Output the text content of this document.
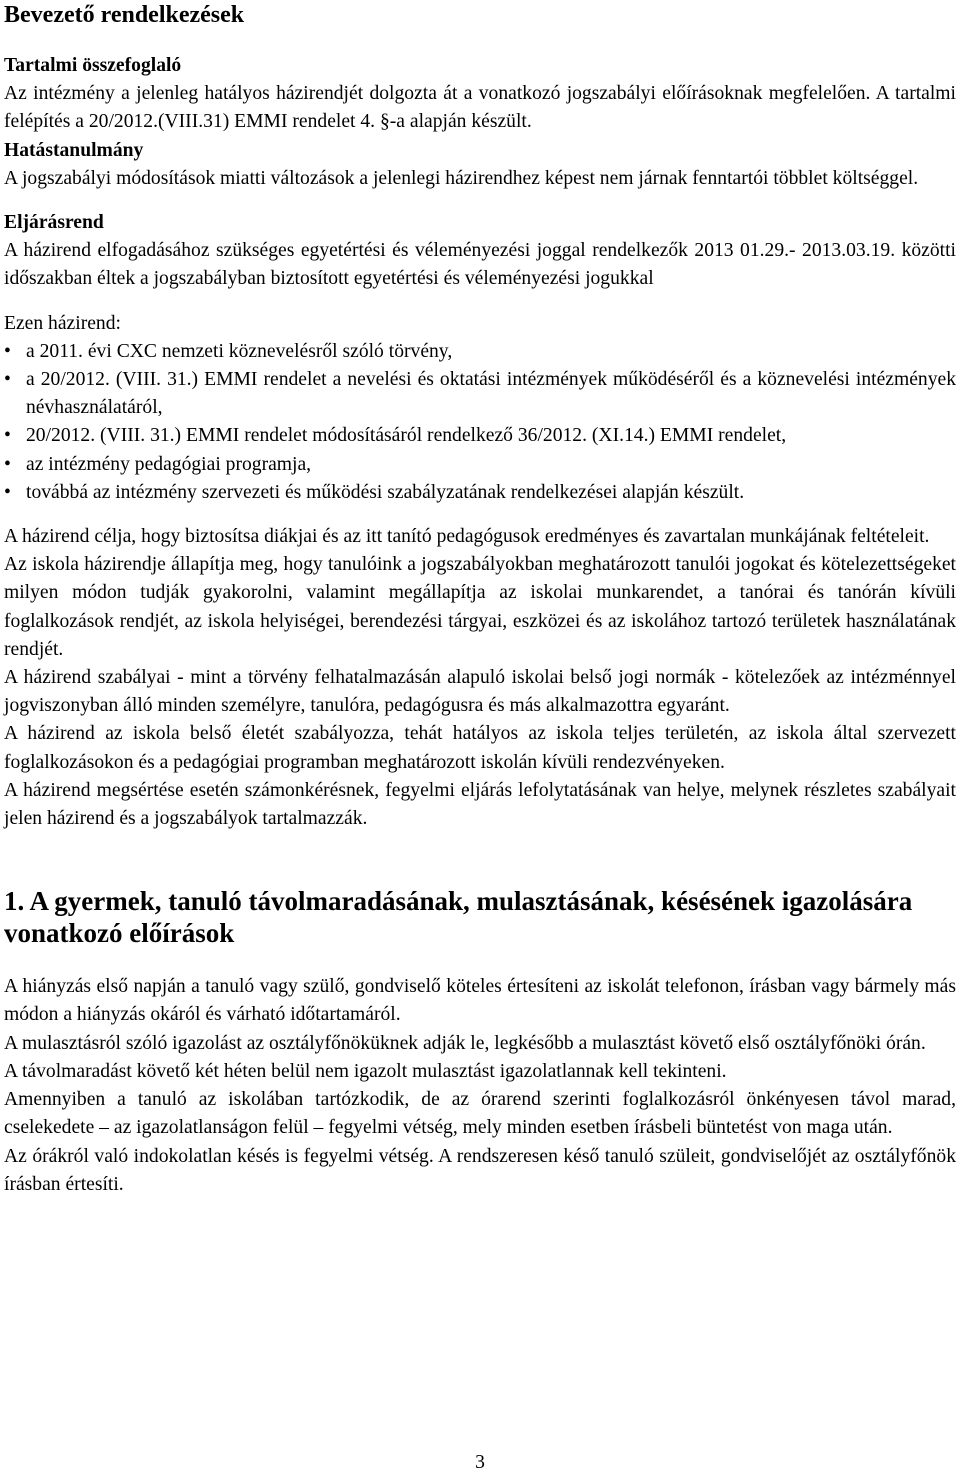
Bevezető rendelkezések

Tartalmi összefoglaló

Az intézmény a jelenleg hatályos házirendjét dolgozta át a vonatkozó jogszabályi előírásoknak megfelelően. A tartalmi felépítés a 20/2012.(VIII.31) EMMI rendelet 4. §-a alapján készült.

Hatástanulmány

A jogszabályi módosítások miatti változások a jelenlegi házirendhez képest nem járnak fenntartói többlet költséggel.

Eljárásrend

A házirend elfogadásához szükséges egyetértési és véleményezési joggal rendelkezők 2013 01.29.- 2013.03.19. közötti időszakban éltek a jogszabályban biztosított egyetértési és véleményezési jogukkal

Ezen házirend:

• a 2011. évi CXC nemzeti köznevelésről szóló törvény,
• a 20/2012. (VIII. 31.) EMMI rendelet a nevelési és oktatási intézmények működéséről és a köznevelési intézmények névhasználatáról,
• 20/2012. (VIII. 31.) EMMI rendelet módosításáról rendelkező 36/2012. (XI.14.) EMMI rendelet,
• az intézmény pedagógiai programja,
• továbbá az intézmény szervezeti és működési szabályzatának rendelkezései alapján készült.

A házirend célja, hogy biztosítsa diákjai és az itt tanító pedagógusok eredményes és zavartalan munkájának feltételeit.

Az iskola házirendje állapítja meg, hogy tanulóink a jogszabályokban meghatározott tanulói jogokat és kötelezettségeket milyen módon tudják gyakorolni, valamint megállapítja az iskolai munkarendet, a tanórai és tanórán kívüli foglalkozások rendjét, az iskola helyiségei, berendezési tárgyai, eszközei és az iskolához tartozó területek használatának rendjét.

A házirend szabályai - mint a törvény felhatalmazásán alapuló iskolai belső jogi normák - kötelezőek az intézménnyel jogviszonyban álló minden személyre, tanulóra, pedagógusra és más alkalmazottra egyaránt.

A házirend az iskola belső életét szabályozza, tehát hatályos az iskola teljes területén, az iskola által szervezett foglalkozásokon és a pedagógiai programban meghatározott iskolán kívüli rendezvényeken.

A házirend megsértése esetén számonkérésnek, fegyelmi eljárás lefolytatásának van helye, melynek részletes szabályait jelen házirend és a jogszabályok tartalmazzák.

1. A gyermek, tanuló távolmaradásának, mulasztásának, késésének igazolására vonatkozó előírások

A hiányzás első napján a tanuló vagy szülő, gondviselő köteles értesíteni az iskolát telefonon, írásban vagy bármely más módon a hiányzás okáról és várható időtartamáról.

A mulasztásról szóló igazolást az osztályfőnöküknek adják le, legkésőbb a mulasztást követő első osztályfőnöki órán.

A távolmaradást követő két héten belül nem igazolt mulasztást igazolatlannak kell tekinteni.

Amennyiben a tanuló az iskolában tartózkodik, de az órarend szerinti foglalkozásról önkényesen távol marad, cselekedete – az igazolatlanságon felül – fegyelmi vétség, mely minden esetben írásbeli büntetést von maga után.

Az órákról való indokolatlan késés is fegyelmi vétség. A rendszeresen késő tanuló szüleit, gondviselőjét az osztályfőnök írásban értesíti.

3
